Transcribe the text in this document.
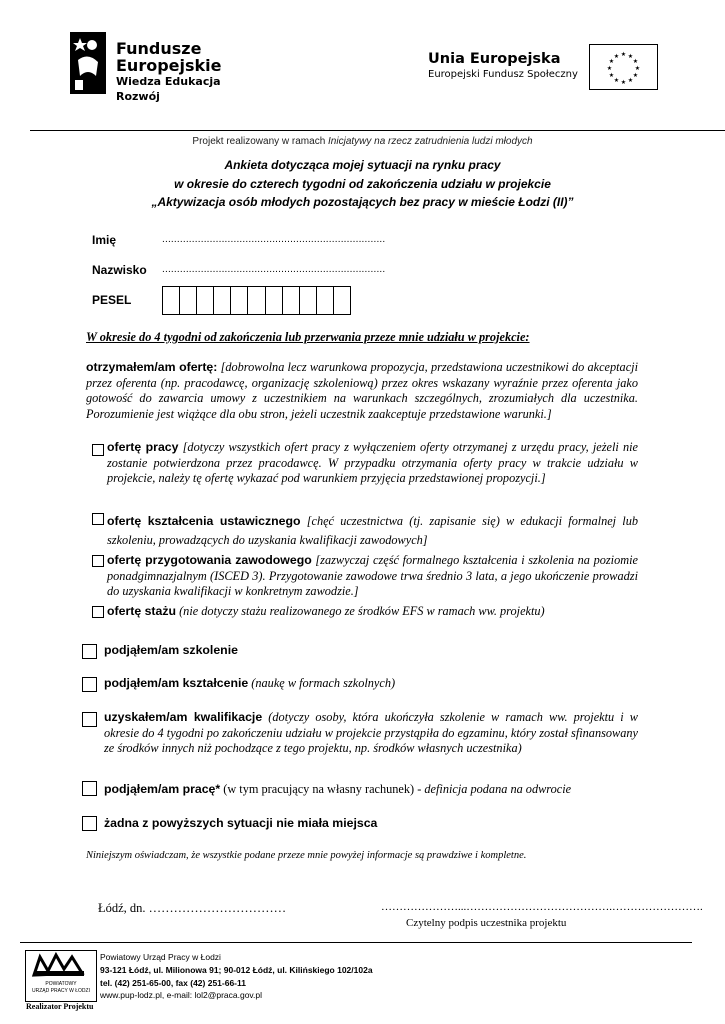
Fundusze
Europejskie
Wiedza Edukacja Rozwój
Unia Europejska
Europejski Fundusz Społeczny
★ ★
★
★
★
★
★
★
★
★
★
★
Projekt realizowany w ramach Inicjatywy na rzecz zatrudnienia ludzi młodych
Ankieta dotycząca mojej sytuacji na rynku pracy
w okresie do czterech tygodni od zakończenia udziału w projekcie
„Aktywizacja osób młodych pozostających bez pracy w mieście Łodzi (II)”
Imię	...........................................................................
Nazwisko ...........................................................................
PESEL
W okresie do 4 tygodni od zakończenia lub przerwania przeze mnie udziału w projekcie:
otrzymałem/am ofertę: [dobrowolna lecz warunkowa propozycja, przedstawiona uczestnikowi do akceptacji przez oferenta (np. pracodawcę, organizację szkoleniową) przez okres wskazany wyraźnie przez oferenta jako gotowość do zawarcia umowy z uczestnikiem na warunkach szczególnych, zrozumiałych dla uczestnika. Porozumienie jest wiążące dla obu stron, jeżeli uczestnik zaakceptuje przedstawione warunki.]
ofertę pracy [dotyczy wszystkich ofert pracy z wyłączeniem oferty otrzymanej z urzędu pracy, jeżeli nie zostanie potwierdzona przez pracodawcę. W przypadku otrzymania oferty pracy w trakcie udziału w projekcie, należy tę ofertę wykazać pod warunkiem przyjęcia przedstawionej propozycji.]
ofertę kształcenia ustawicznego [chęć uczestnictwa (tj. zapisanie się) w edukacji formalnej lub szkoleniu, prowadzących do uzyskania kwalifikacji zawodowych]
ofertę przygotowania zawodowego [zazwyczaj część formalnego kształcenia i szkolenia na poziomie ponadgimnazjalnym (ISCED 3). Przygotowanie zawodowe trwa średnio 3 lata, a jego ukończenie prowadzi do uzyskania kwalifikacji w konkretnym zawodzie.]
ofertę stażu (nie dotyczy stażu realizowanego ze środków EFS w ramach ww. projektu)
podjąłem/am szkolenie
podjąłem/am kształcenie (naukę w formach szkolnych)
uzyskałem/am kwalifikacje (dotyczy osoby, która ukończyła szkolenie w ramach ww. projektu i w okresie do 4 tygodni po zakończeniu udziału w projekcie przystąpiła do egzaminu, który został sfinansowany ze środków innych niż pochodzące z tego projektu, np. środków własnych uczestnika)
podjąłem/am pracę* (w tym pracujący na własny rachunek) - definicja podana na odwrocie
żadna z powyższych sytuacji nie miała miejsca
Niniejszym oświadczam, że wszystkie podane przeze mnie powyżej informacje są prawdziwe i kompletne.
Łódź, dn. ……………………………	…………………...………………………………….…………………….
Czytelny podpis uczestnika projektu
POWIATOWY
URZĄD PRACY W ŁODZI
Realizator Projektu
Powiatowy Urząd Pracy w Łodzi
93-121 Łódź, ul. Milionowa 91; 90-012 Łódź, ul. Kilińskiego 102/102a
tel. (42) 251-65-00, fax (42) 251-66-11
www.pup-lodz.pl, e-mail: lol2@praca.gov.pl
